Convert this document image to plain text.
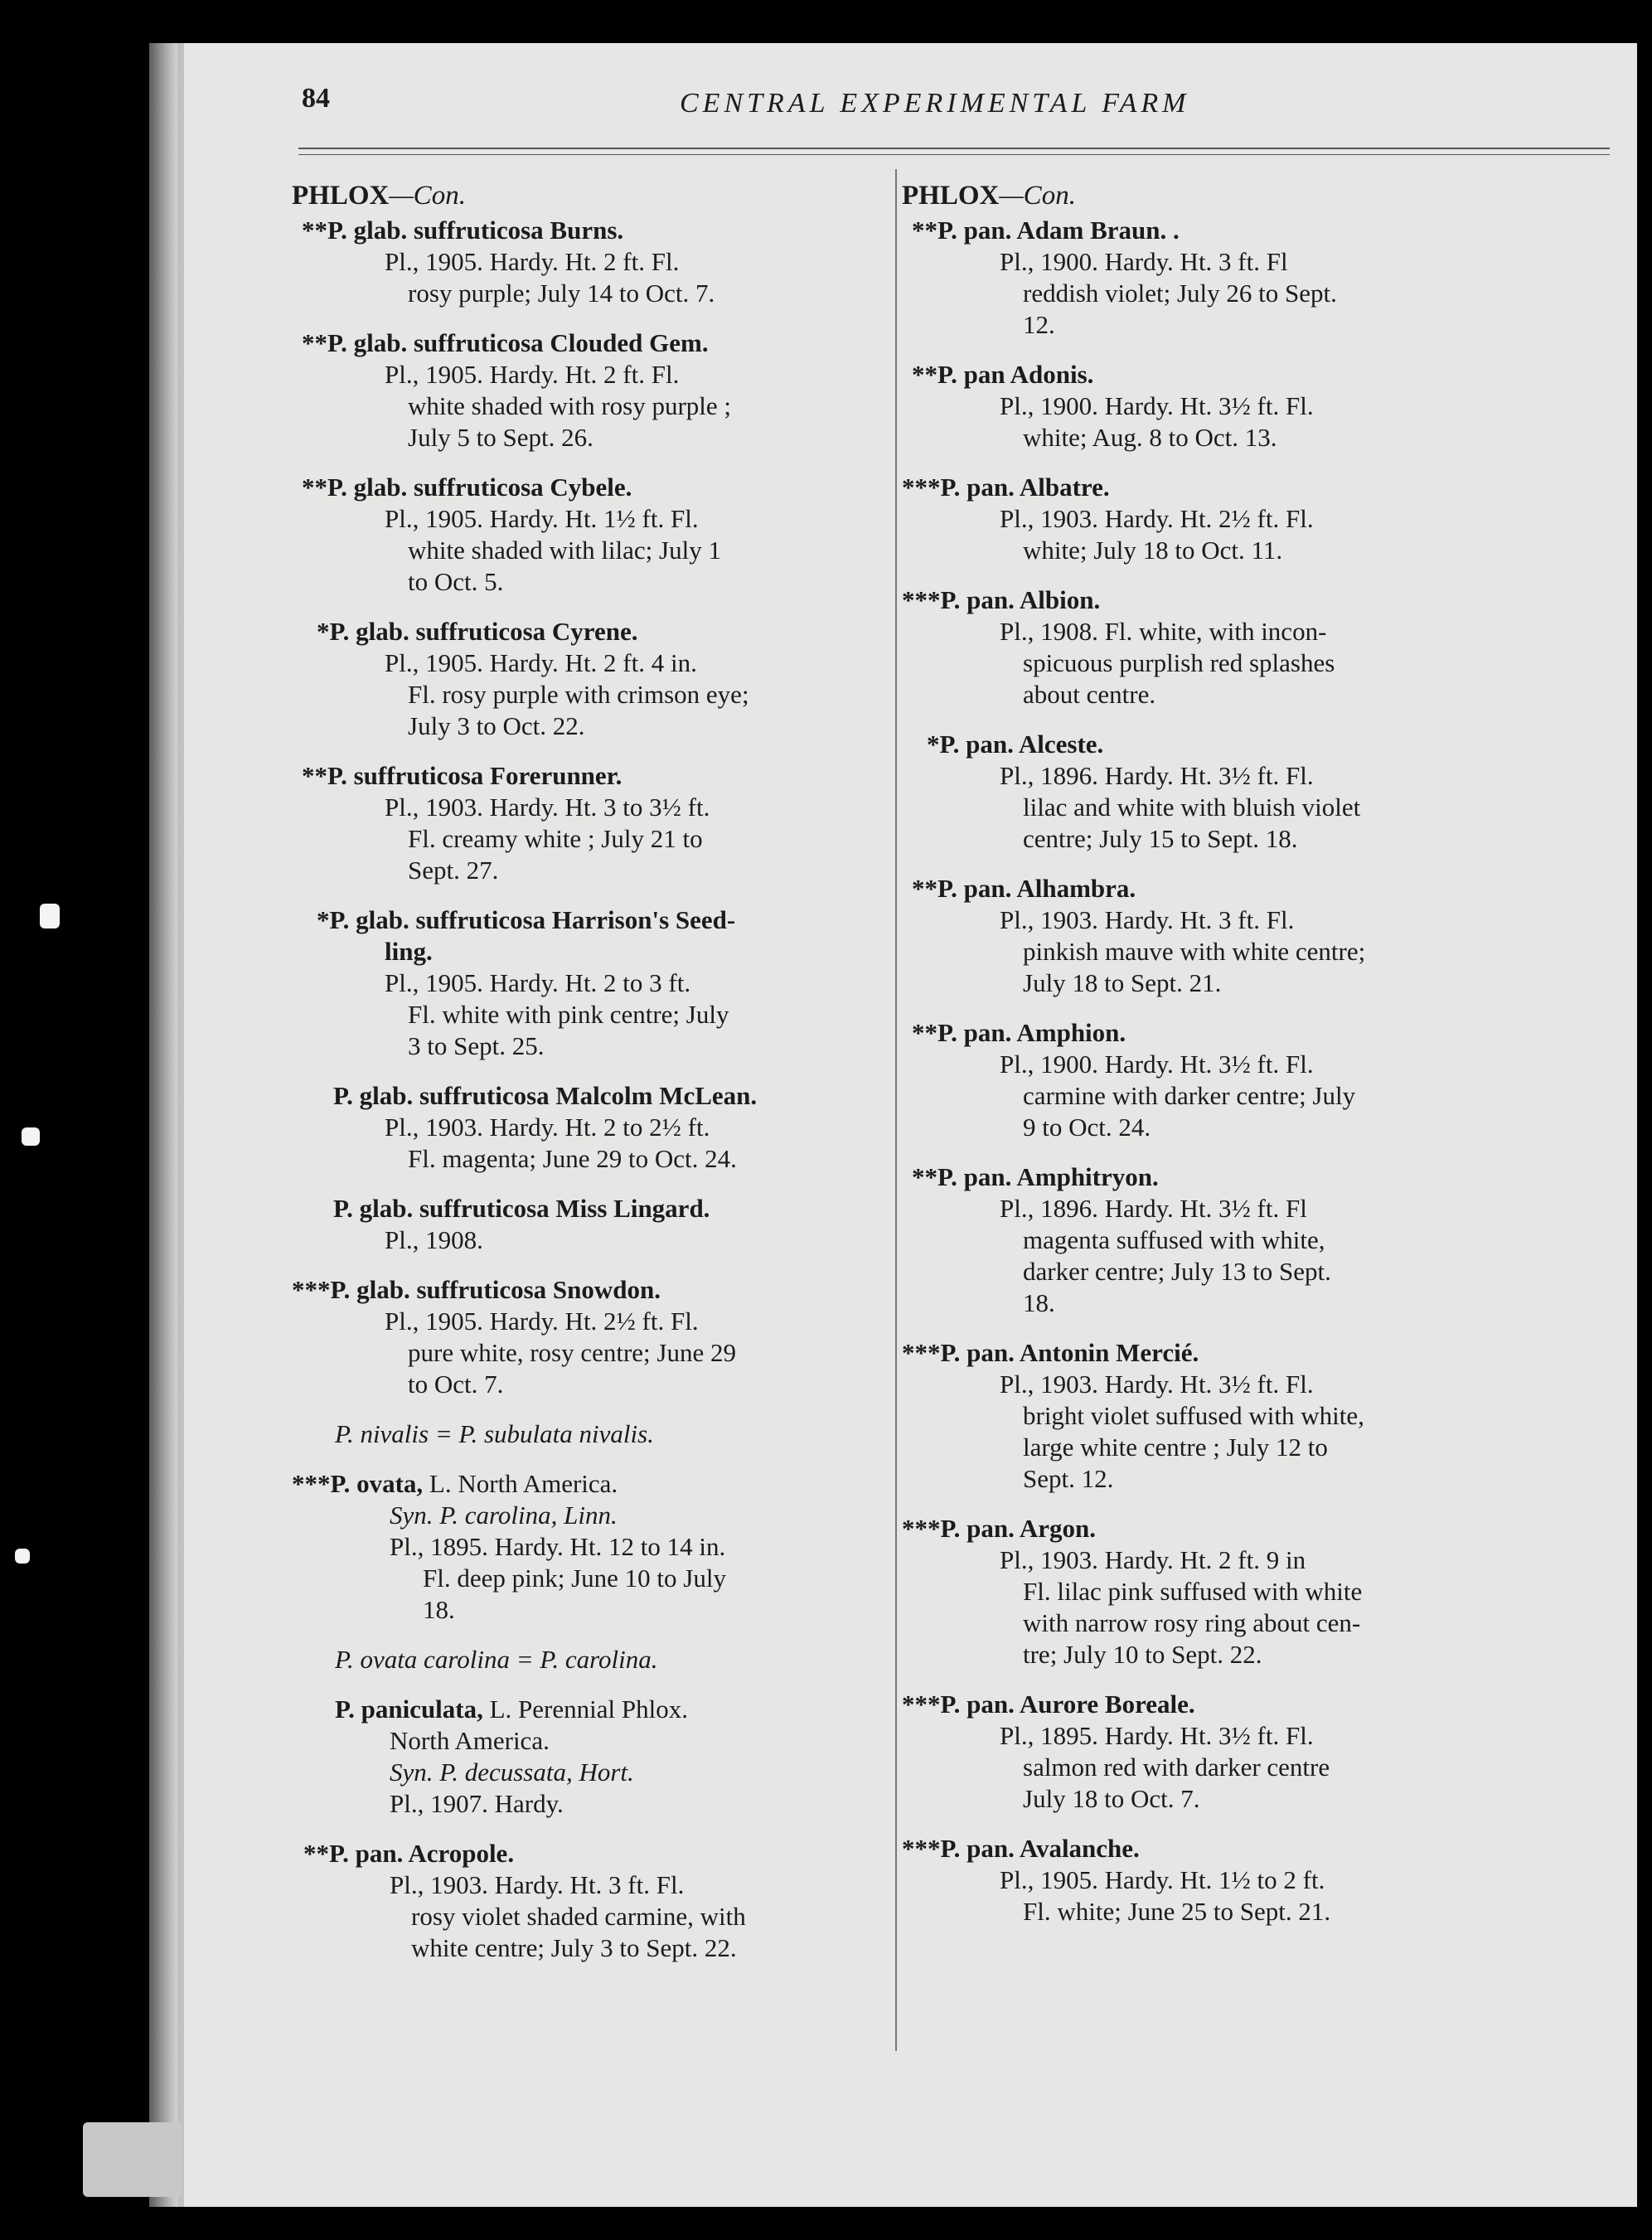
84	CENTRAL EXPERIMENTAL FARM
PHLOX—Con.
**P. glab. suffruticosa Burns.
Pl., 1905. Hardy. Ht. 2 ft. Fl.
rosy purple; July 14 to Oct. 7.
**P. glab. suffruticosa Clouded Gem.
Pl., 1905. Hardy. Ht. 2 ft. Fl.
white shaded with rosy purple ;
July 5 to Sept. 26.
**P. glab. suffruticosa Cybele.
Pl., 1905. Hardy. Ht. 1½ ft. Fl.
white shaded with lilac; July 1
to Oct. 5.
*P. glab. suffruticosa Cyrene.
Pl., 1905. Hardy. Ht. 2 ft. 4 in.
Fl. rosy purple with crimson eye;
July 3 to Oct. 22.
**P. suffruticosa Forerunner.
Pl., 1903. Hardy. Ht. 3 to 3½ ft.
Fl. creamy white ; July 21 to
Sept. 27.
*P. glab. suffruticosa Harrison's Seed-
ling.
Pl., 1905. Hardy. Ht. 2 to 3 ft.
Fl. white with pink centre; July
3 to Sept. 25.
P. glab. suffruticosa Malcolm McLean.
Pl., 1903. Hardy. Ht. 2 to 2½ ft.
Fl. magenta; June 29 to Oct. 24.
P. glab. suffruticosa Miss Lingard.
Pl., 1908.
***P. glab. suffruticosa Snowdon.
Pl., 1905. Hardy. Ht. 2½ ft. Fl.
pure white, rosy centre; June 29
to Oct. 7.
P. nivalis = P. subulata nivalis.
***P. ovata, L. North America.
Syn. P. carolina, Linn.
Pl., 1895. Hardy. Ht. 12 to 14 in.
Fl. deep pink; June 10 to July
18.
P. ovata carolina = P. carolina.
P. paniculata, L. Perennial Phlox.
North America.
Syn. P. decussata, Hort.
Pl., 1907. Hardy.
**P. pan. Acropole.
Pl., 1903. Hardy. Ht. 3 ft. Fl.
rosy violet shaded carmine, with
white centre; July 3 to Sept. 22.
PHLOX—Con.
**P. pan. Adam Braun. .
Pl., 1900. Hardy. Ht. 3 ft. Fl
reddish violet; July 26 to Sept.
12.
**P. pan Adonis.
Pl., 1900. Hardy. Ht. 3½ ft. Fl.
white; Aug. 8 to Oct. 13.
***P. pan. Albatre.
Pl., 1903. Hardy. Ht. 2½ ft. Fl.
white; July 18 to Oct. 11.
***P. pan. Albion.
Pl., 1908. Fl. white, with incon-
spicuous purplish red splashes
about centre.
*P. pan. Alceste.
Pl., 1896. Hardy. Ht. 3½ ft. Fl.
lilac and white with bluish violet
centre; July 15 to Sept. 18.
**P. pan. Alhambra.
Pl., 1903. Hardy. Ht. 3 ft. Fl.
pinkish mauve with white centre;
July 18 to Sept. 21.
**P. pan. Amphion.
Pl., 1900. Hardy. Ht. 3½ ft. Fl.
carmine with darker centre; July
9 to Oct. 24.
**P. pan. Amphitryon.
Pl., 1896. Hardy. Ht. 3½ ft. Fl
magenta suffused with white,
darker centre; July 13 to Sept.
18.
***P. pan. Antonin Mercié.
Pl., 1903. Hardy. Ht. 3½ ft. Fl.
bright violet suffused with white,
large white centre ; July 12 to
Sept. 12.
***P. pan. Argon.
Pl., 1903. Hardy. Ht. 2 ft. 9 in
Fl. lilac pink suffused with white
with narrow rosy ring about cen-
tre; July 10 to Sept. 22.
***P. pan. Aurore Boreale.
Pl., 1895. Hardy. Ht. 3½ ft. Fl.
salmon red with darker centre
July 18 to Oct. 7.
***P. pan. Avalanche.
Pl., 1905. Hardy. Ht. 1½ to 2 ft.
Fl. white; June 25 to Sept. 21.
